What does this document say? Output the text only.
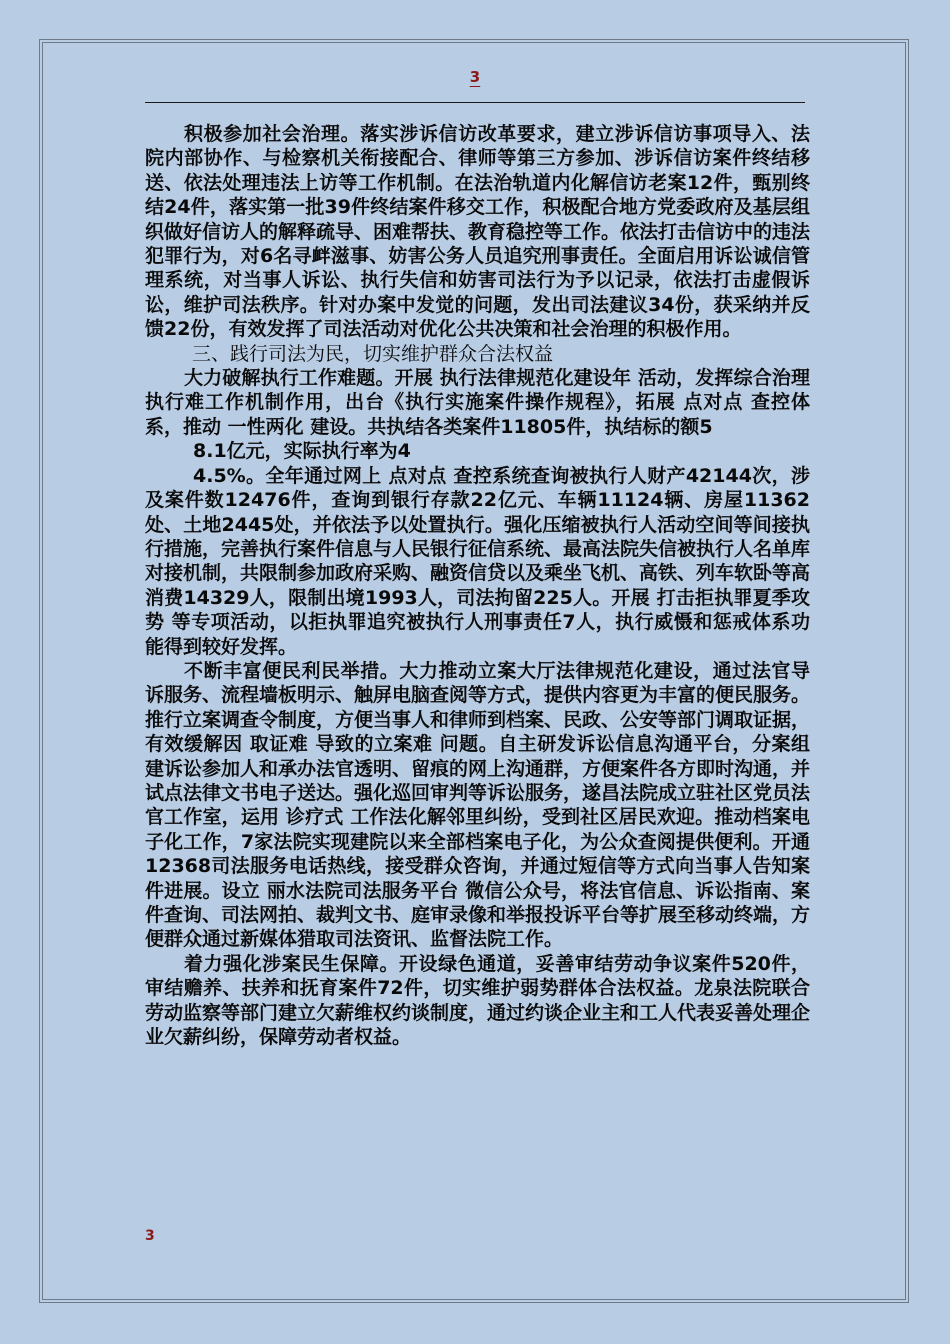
3

积极参加社会治理。落实涉诉信访改革要求，建立涉诉信访事项导入、法院内部协作、与检察机关衔接配合、律师等第三方参加、涉诉信访案件终结移送、依法处理违法上访等工作机制。在法治轨道内化解信访老案12件，甄别终结24件，落实第一批39件终结案件移交工作，积极配合地方党委政府及基层组织做好信访人的解释疏导、困难帮扶、教育稳控等工作。依法打击信访中的违法犯罪行为，对6名寻衅滋事、妨害公务人员追究刑事责任。全面启用诉讼诚信管理系统，对当事人诉讼、执行失信和妨害司法行为予以记录，依法打击虚假诉讼，维护司法秩序。针对办案中发觉的问题，发出司法建议34份，获采纳并反馈22份，有效发挥了司法活动对优化公共决策和社会治理的积极作用。

三、践行司法为民，切实维护群众合法权益

大力破解执行工作难题。开展 执行法律规范化建设年 活动，发挥综合治理执行难工作机制作用，出台《执行实施案件操作规程》，拓展 点对点 查控体系，推动 一性两化 建设。共执结各类案件11805件，执结标的额5

8.1亿元，实际执行率为4

4.5%。全年通过网上 点对点 查控系统查询被执行人财产42144次，涉及案件数12476件，查询到银行存款22亿元、车辆11124辆、房屋11362处、土地2445处，并依法予以处置执行。强化压缩被执行人活动空间等间接执行措施，完善执行案件信息与人民银行征信系统、最高法院失信被执行人名单库对接机制，共限制参加政府采购、融资信贷以及乘坐飞机、高铁、列车软卧等高消费14329人，限制出境1993人，司法拘留225人。开展 打击拒执罪夏季攻势 等专项活动，以拒执罪追究被执行人刑事责任7人，执行威慑和惩戒体系功能得到较好发挥。

不断丰富便民利民举措。大力推动立案大厅法律规范化建设，通过法官导诉服务、流程墙板明示、触屏电脑查阅等方式，提供内容更为丰富的便民服务。推行立案调查令制度，方便当事人和律师到档案、民政、公安等部门调取证据，有效缓解因 取证难 导致的立案难 问题。自主研发诉讼信息沟通平台，分案组建诉讼参加人和承办法官透明、留痕的网上沟通群，方便案件各方即时沟通，并试点法律文书电子送达。强化巡回审判等诉讼服务，遂昌法院成立驻社区党员法官工作室，运用 诊疗式 工作法化解邻里纠纷，受到社区居民欢迎。推动档案电子化工作，7家法院实现建院以来全部档案电子化，为公众查阅提供便利。开通12368司法服务电话热线，接受群众咨询，并通过短信等方式向当事人告知案件进展。设立 丽水法院司法服务平台 微信公众号，将法官信息、诉讼指南、案件查询、司法网拍、裁判文书、庭审录像和举报投诉平台等扩展至移动终端，方便群众通过新媒体猎取司法资讯、监督法院工作。

着力强化涉案民生保障。开设绿色通道，妥善审结劳动争议案件520件，审结赡养、扶养和抚育案件72件，切实维护弱势群体合法权益。龙泉法院联合劳动监察等部门建立欠薪维权约谈制度，通过约谈企业主和工人代表妥善处理企业欠薪纠纷，保障劳动者权益。

3
